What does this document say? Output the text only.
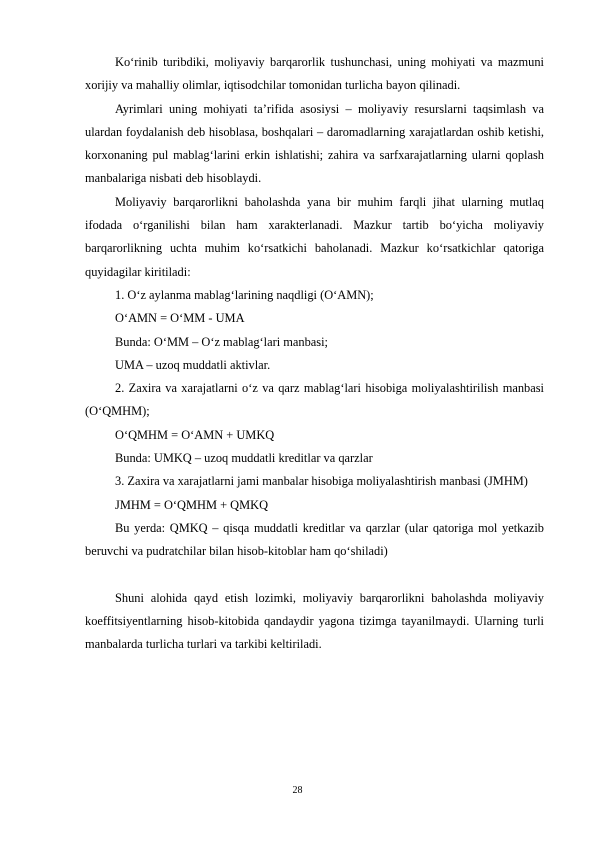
Ko‘rinib turibdiki, moliyaviy barqarorlik tushunchasi, uning mohiyati va mazmuni xorijiy va mahalliy olimlar, iqtisodchilar tomonidan turlicha bayon qilinadi.

Ayrimlari uning mohiyati ta’rifida asosiysi – moliyaviy resurslarni taqsimlash va ulardan foydalanish deb hisoblasa, boshqalari – daromadlarning xarajatlardan oshib ketishi, korxonaning pul mablag‘larini erkin ishlatishi; zahira va sarfxarajatlarning ularni qoplash manbalariga nisbati deb hisoblaydi.

Moliyaviy barqarorlikni baholashda yana bir muhim farqli jihat ularning mutlaq ifodada o‘rganilishi bilan ham xarakterlanadi. Mazkur tartib bo‘yicha moliyaviy barqarorlikning uchta muhim ko‘rsatkichi baholanadi. Mazkur ko‘rsatkichlar qatoriga quyidagilar kiritiladi:

1. O‘z aylanma mablag‘larining naqdligi (O‘AMN);

O‘AMN = O‘MM - UMA

Bunda: O‘MM – O‘z mablag‘lari manbasi;

UMA – uzoq muddatli aktivlar.

2. Zaxira va xarajatlarni o‘z va qarz mablag‘lari hisobiga moliyalashtirilish manbasi (O‘QMHM);

O‘QMHM = O‘AMN + UMKQ

Bunda: UMKQ – uzoq muddatli kreditlar va qarzlar

3. Zaxira va xarajatlarni jami manbalar hisobiga moliyalashtirish manbasi (JMHM)

JMHM = O‘QMHM + QMKQ

Bu yerda: QMKQ – qisqa muddatli kreditlar va qarzlar (ular qatoriga mol yetkazib beruvchi va pudratchilar bilan hisob-kitoblar ham qo‘shiladi)

Shuni alohida qayd etish lozimki, moliyaviy barqarorlikni baholashda moliyaviy koeffitsiyentlarning hisob-kitobida qandaydir yagona tizimga tayanilmaydi. Ularning turli manbalarda turlicha turlari va tarkibi keltiriladi.

28
